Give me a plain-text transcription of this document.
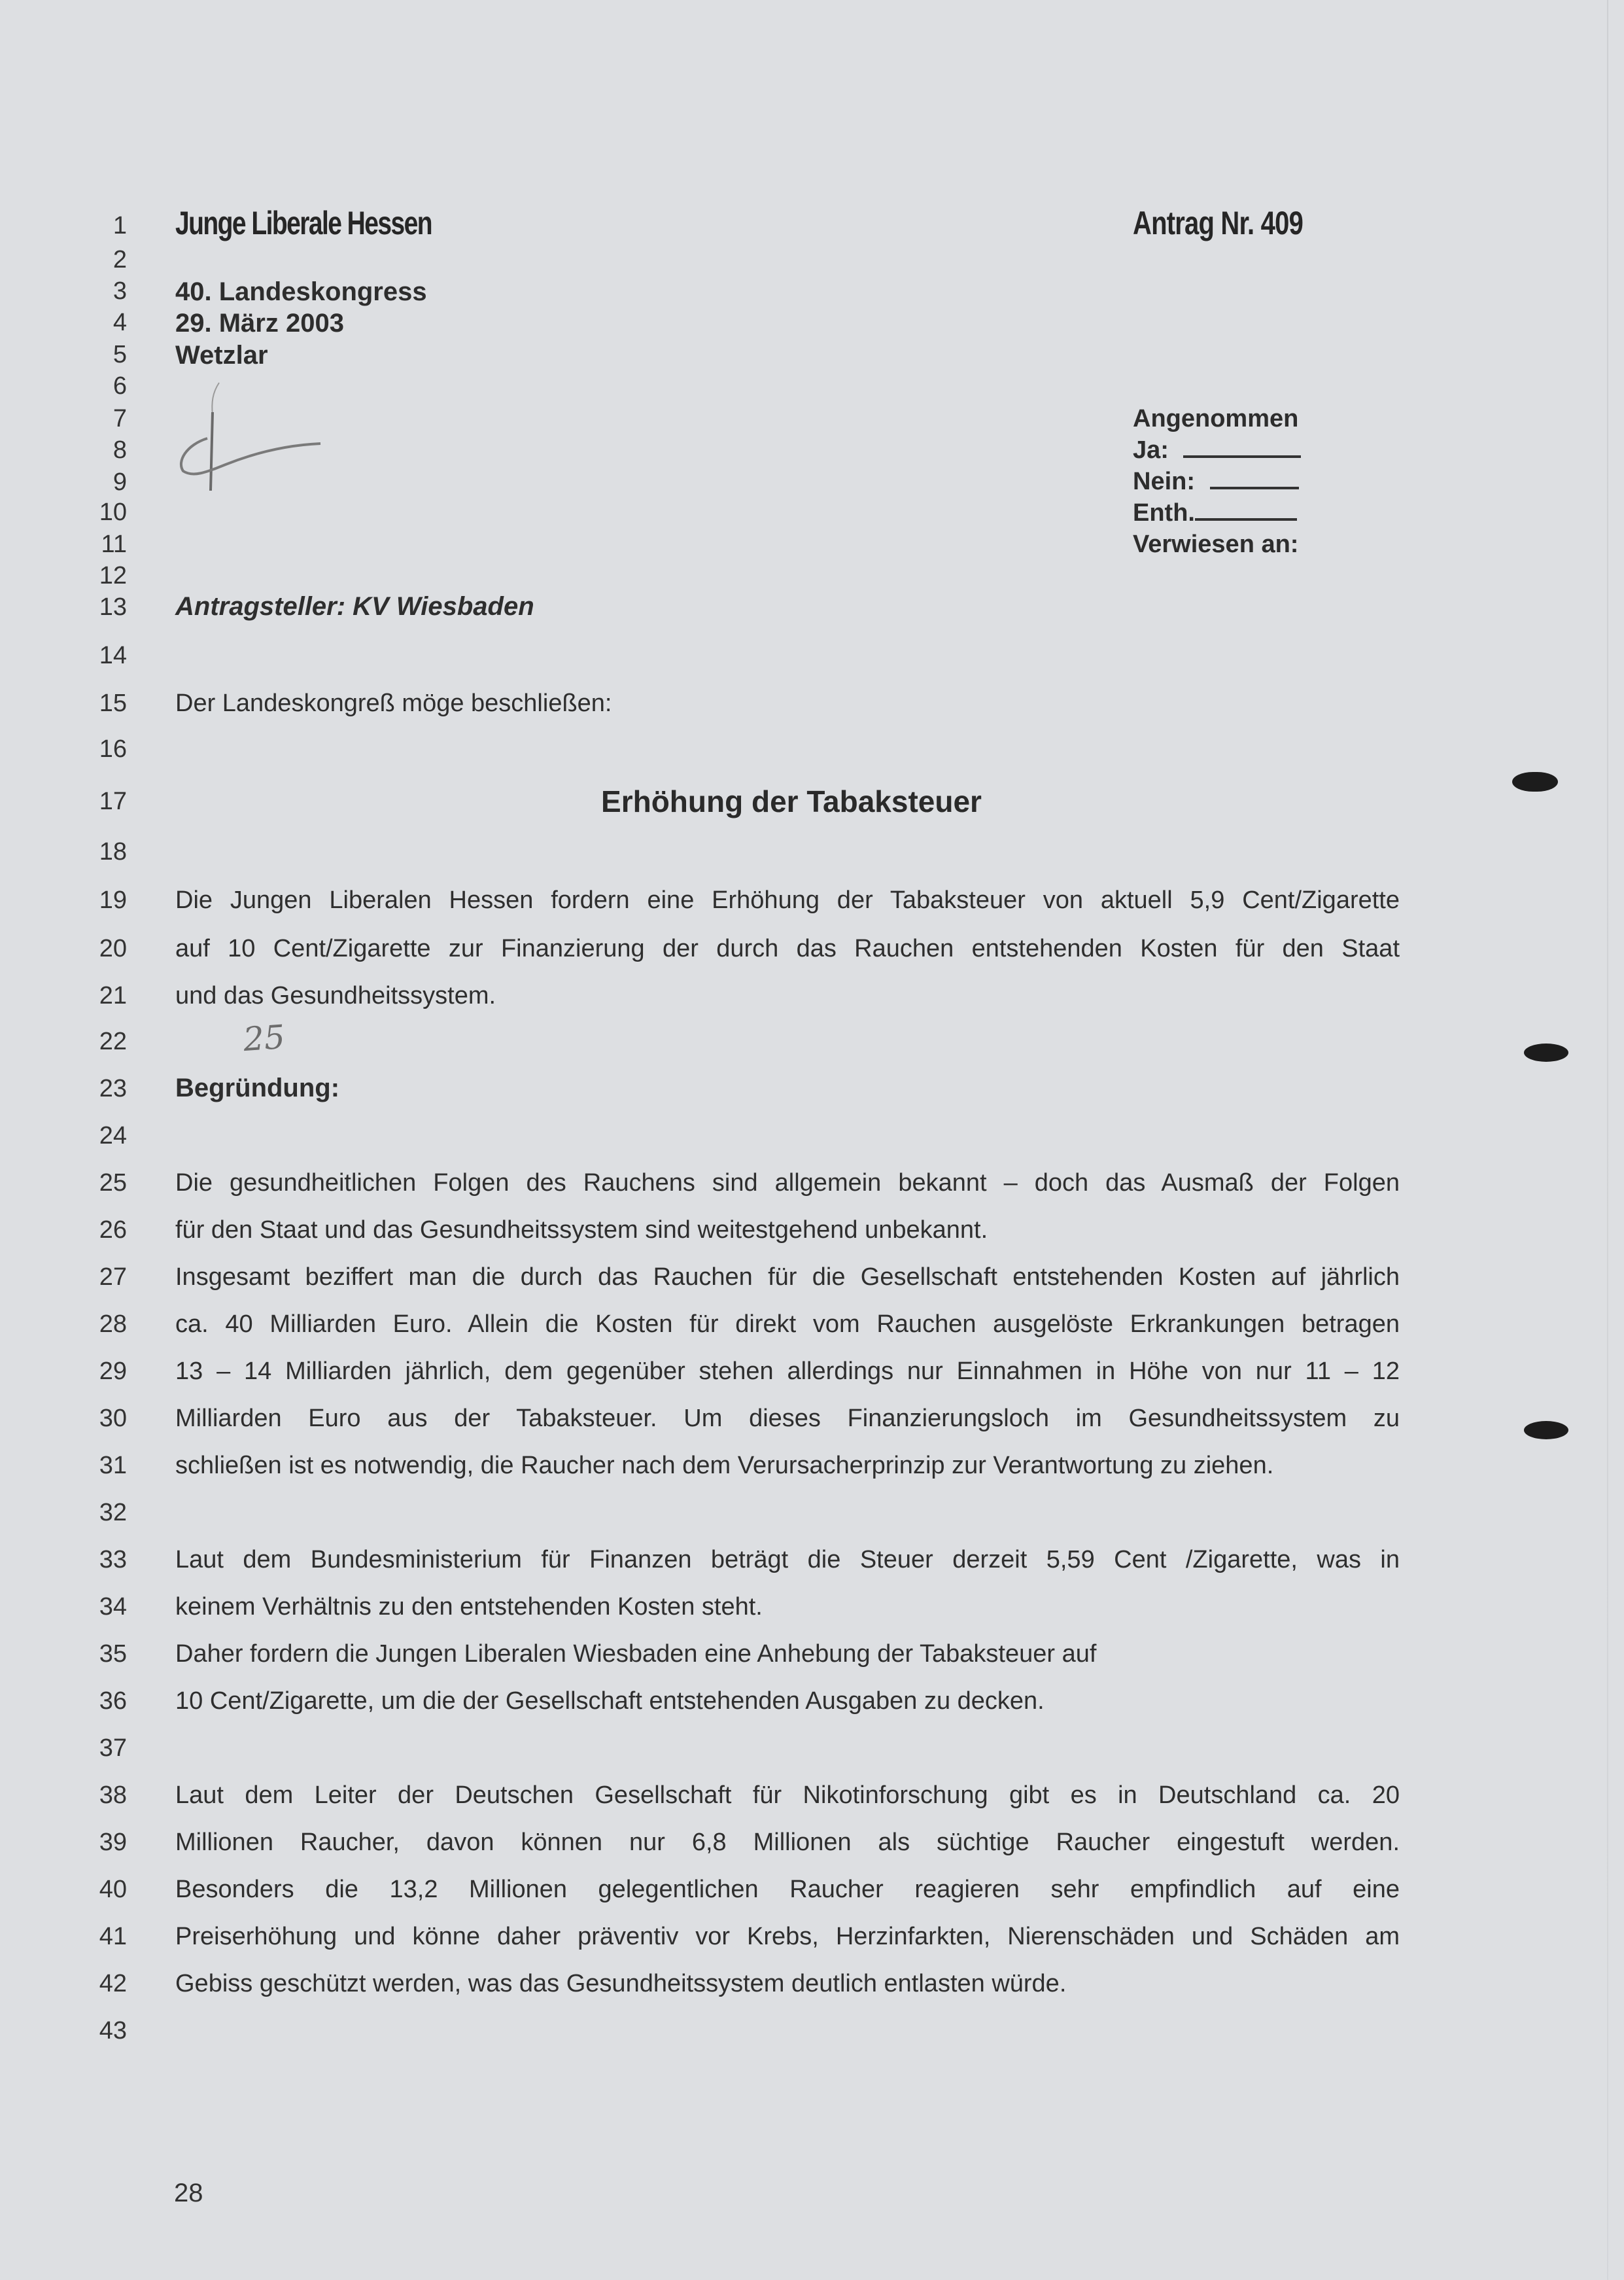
1
2
3
4
5
6
7
8
9
10
11
12
13
14
15
16
17
18
19
20
21
22
23
24
25
26
27
28
29
30
31
32
33
34
35
36
37
38
39
40
41
42
43
Junge Liberale Hessen	Antrag Nr. 409
40. Landeskongress
29. März 2003
Wetzlar
Angenommen
Ja:
Nein:
Enth.
Verwiesen an:
Antragsteller: KV Wiesbaden
Der Landeskongreß möge beschließen:
Erhöhung der Tabaksteuer
Die Jungen Liberalen Hessen fordern eine Erhöhung der Tabaksteuer von aktuell 5,9 Cent/Zigarette
auf 10 Cent/Zigarette zur Finanzierung der durch das Rauchen entstehenden Kosten für den Staat
und das Gesundheitssystem.
25
Begründung:
Die gesundheitlichen Folgen des Rauchens sind allgemein bekannt – doch das Ausmaß der Folgen
für den Staat und das Gesundheitssystem sind weitestgehend unbekannt.
Insgesamt beziffert man die durch das Rauchen für die Gesellschaft entstehenden Kosten auf jährlich
ca. 40 Milliarden Euro. Allein die Kosten für direkt vom Rauchen ausgelöste Erkrankungen betragen
13 – 14 Milliarden jährlich, dem gegenüber stehen allerdings nur Einnahmen in Höhe von nur 11 – 12
Milliarden Euro aus der Tabaksteuer. Um dieses Finanzierungsloch im Gesundheitssystem zu
schließen ist es notwendig, die Raucher nach dem Verursacherprinzip zur Verantwortung zu ziehen.
Laut dem Bundesministerium für Finanzen beträgt die Steuer derzeit 5,59 Cent /Zigarette, was in
keinem Verhältnis zu den entstehenden Kosten steht.
Daher fordern die Jungen Liberalen Wiesbaden eine Anhebung der Tabaksteuer auf
10 Cent/Zigarette, um die der Gesellschaft entstehenden Ausgaben zu decken.
Laut dem Leiter der Deutschen Gesellschaft für Nikotinforschung gibt es in Deutschland ca. 20
Millionen Raucher, davon können nur 6,8 Millionen als süchtige Raucher eingestuft werden.
Besonders die 13,2 Millionen gelegentlichen Raucher reagieren sehr empfindlich auf eine
Preiserhöhung und könne daher präventiv vor Krebs, Herzinfarkten, Nierenschäden und Schäden am
Gebiss geschützt werden, was das Gesundheitssystem deutlich entlasten würde.
28
